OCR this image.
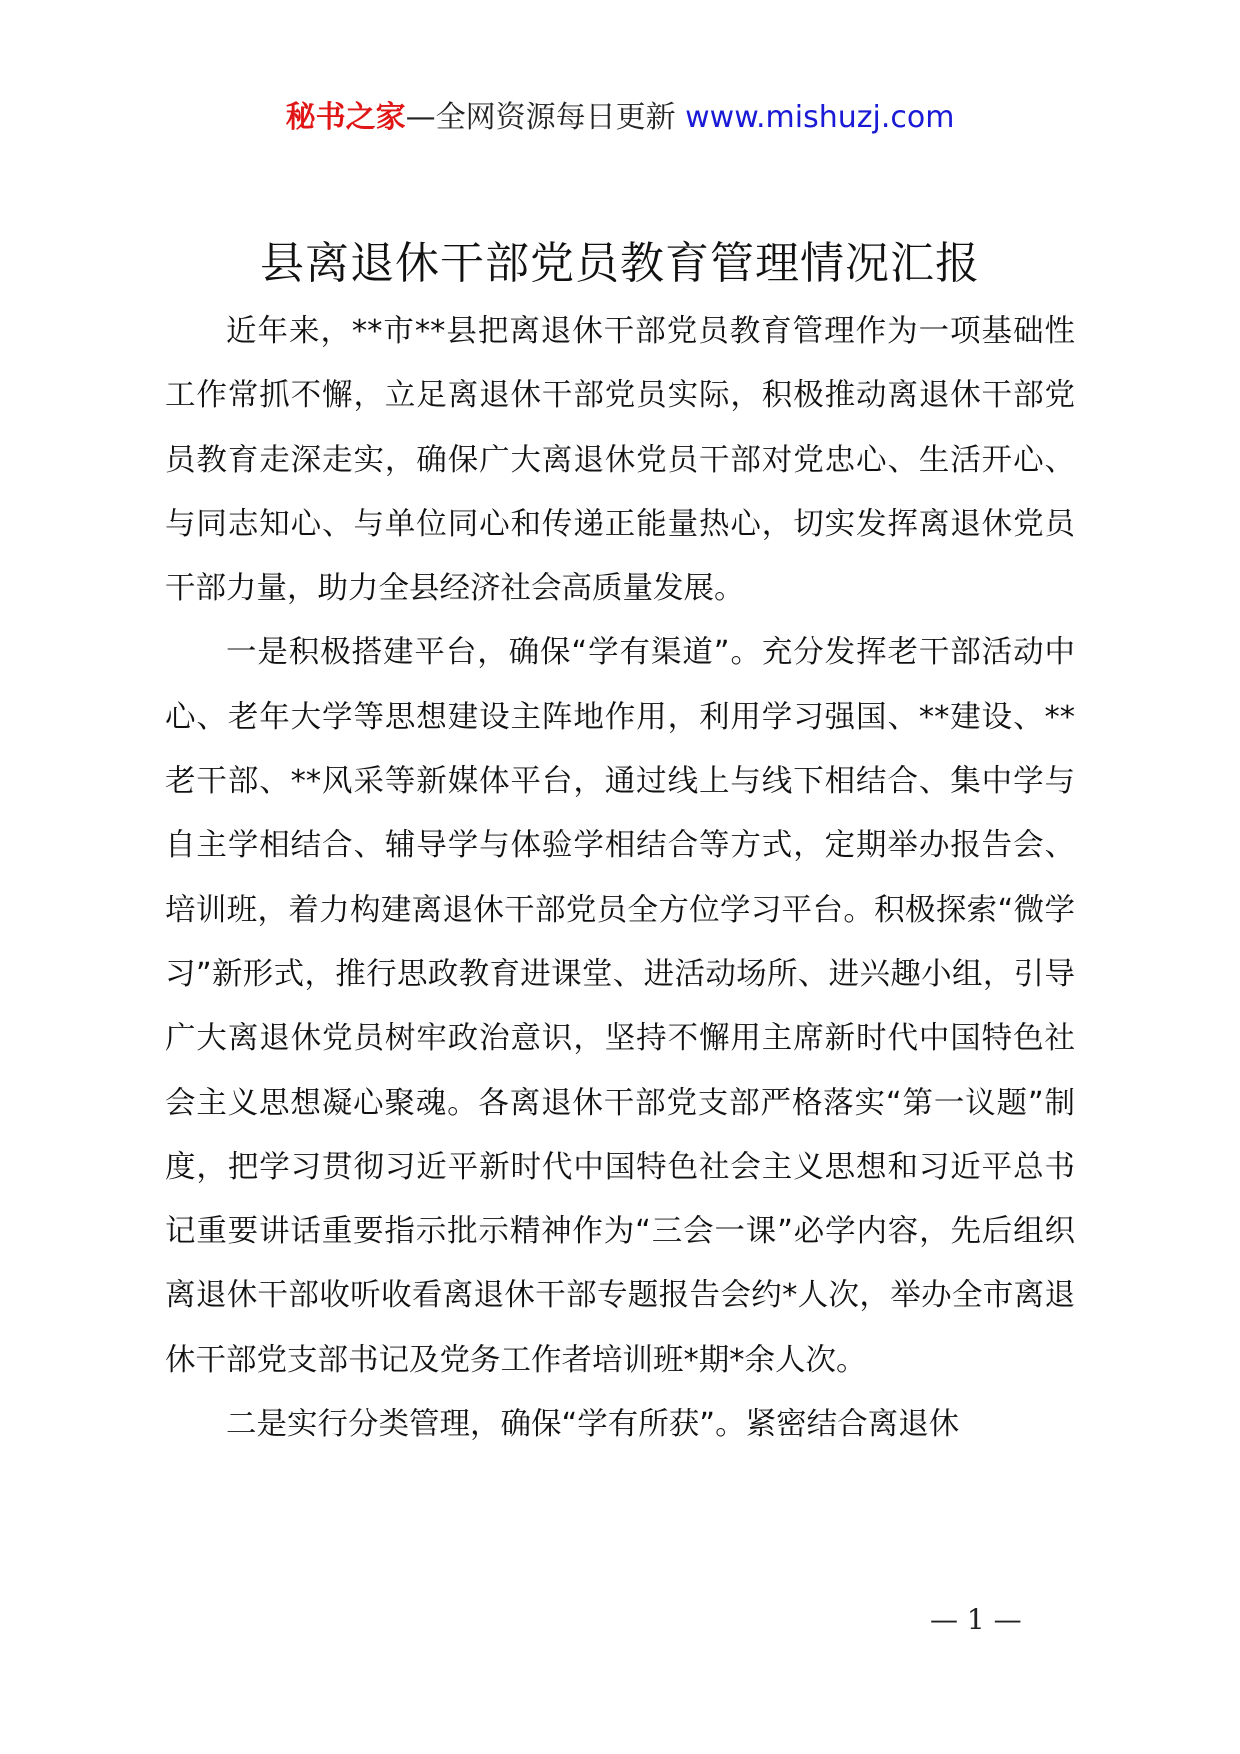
秘书之家—全网资源每日更新 www.mishuzj.com
县离退休干部党员教育管理情况汇报

近年来，**市**县把离退休干部党员教育管理作为一项基础性工作常抓不懈，立足离退休干部党员实际，积极推动离退休干部党员教育走深走实，确保广大离退休党员干部对党忠心、生活开心、与同志知心、与单位同心和传递正能量热心，切实发挥离退休党员干部力量，助力全县经济社会高质量发展。

一是积极搭建平台，确保“学有渠道”。充分发挥老干部活动中心、老年大学等思想建设主阵地作用，利用学习强国、**建设、**老干部、**风采等新媒体平台，通过线上与线下相结合、集中学与自主学相结合、辅导学与体验学相结合等方式，定期举办报告会、培训班，着力构建离退休干部党员全方位学习平台。积极探索“微学习”新形式，推行思政教育进课堂、进活动场所、进兴趣小组，引导广大离退休党员树牢政治意识，坚持不懈用主席新时代中国特色社会主义思想凝心聚魂。各离退休干部党支部严格落实“第一议题”制度，把学习贯彻习近平新时代中国特色社会主义思想和习近平总书记重要讲话重要指示批示精神作为“三会一课”必学内容，先后组织离退休干部收听收看离退休干部专题报告会约*人次，举办全市离退休干部党支部书记及党务工作者培训班*期*余人次。

二是实行分类管理，确保“学有所获”。紧密结合离退休

— 1 —
